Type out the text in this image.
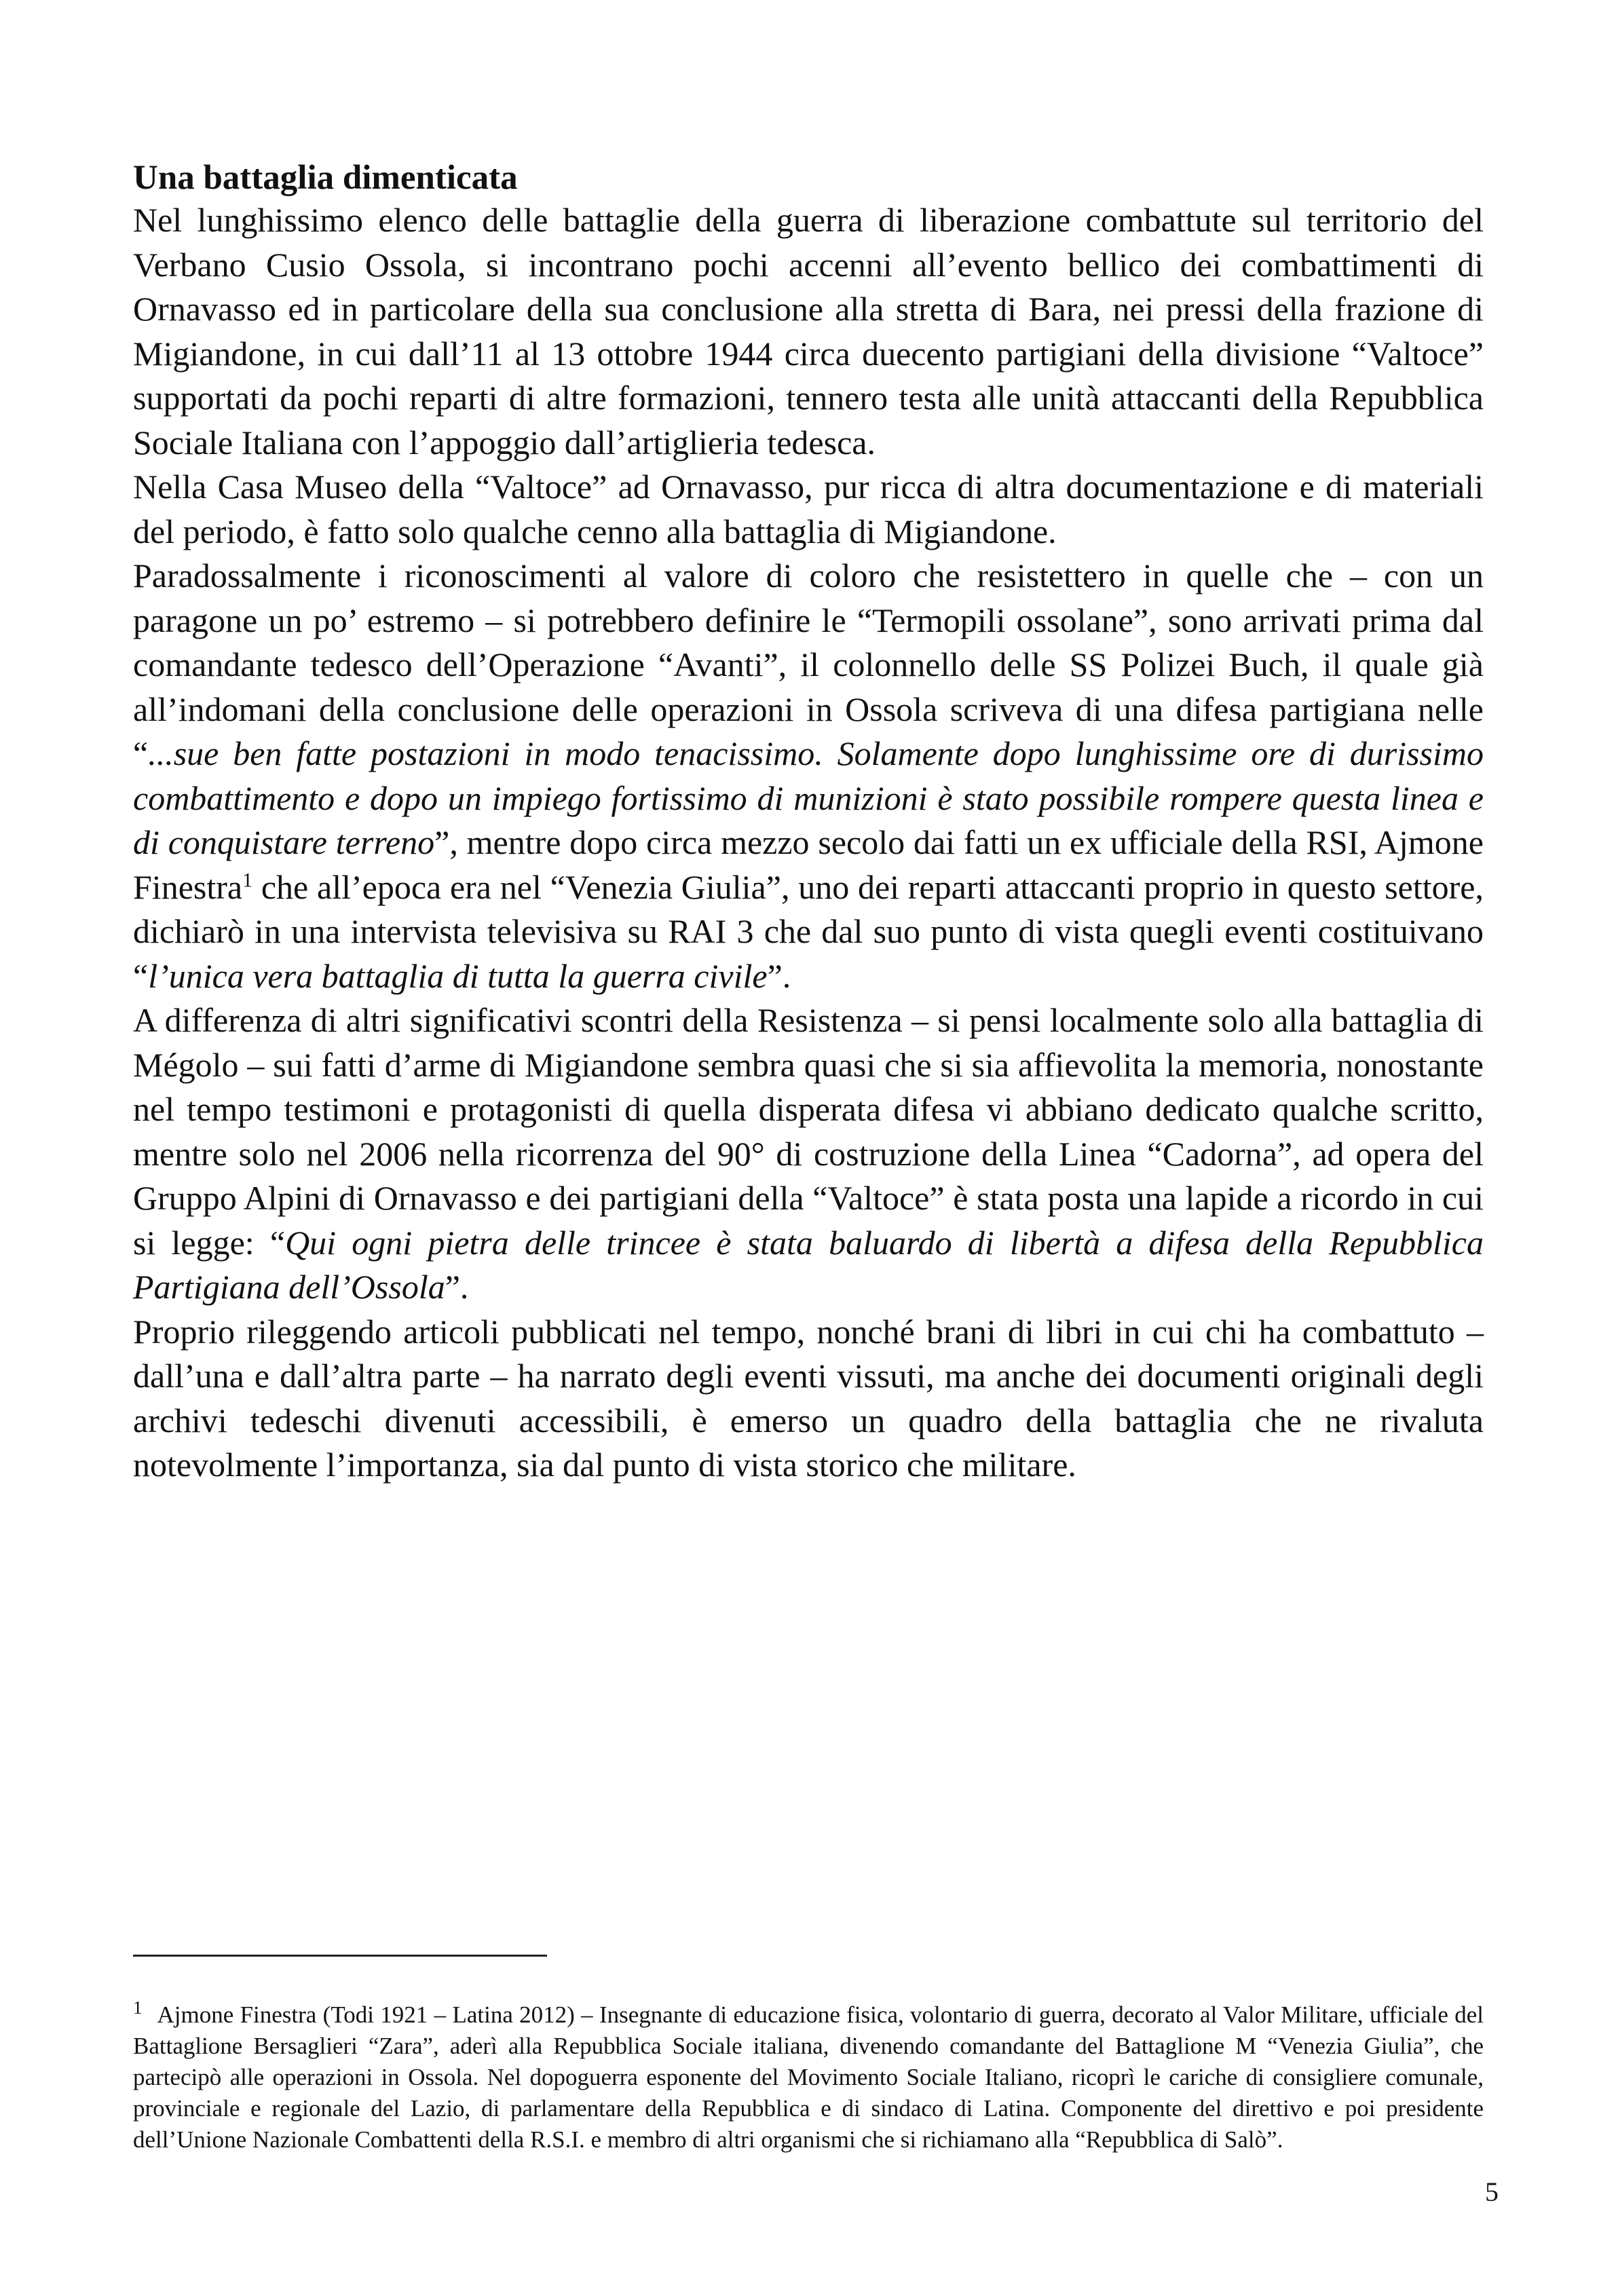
Una battaglia dimenticata

Nel lunghissimo elenco delle battaglie della guerra di liberazione combattute sul territorio del Verbano Cusio Ossola, si incontrano pochi accenni all’evento bellico dei combattimenti di Ornavasso ed in particolare della sua conclusione alla stretta di Bara, nei pressi della frazione di Migiandone, in cui dall’11 al 13 ottobre 1944 circa duecento partigiani della divisione “Valtoce” supportati da pochi reparti di altre formazioni, tennero testa alle unità attaccanti della Repubblica Sociale Italiana con l’appoggio dall’artiglieria tedesca.

Nella Casa Museo della “Valtoce” ad Ornavasso, pur ricca di altra documentazione e di materiali del periodo, è fatto solo qualche cenno alla battaglia di Migiandone.

Paradossalmente i riconoscimenti al valore di coloro che resistettero in quelle che – con un paragone un po’ estremo – si potrebbero definire le “Termopili ossolane”, sono arrivati prima dal comandante tedesco dell’Operazione “Avanti”, il colonnello delle SS Polizei Buch, il quale già all’indomani della conclusione delle operazioni in Ossola scriveva di una difesa partigiana nelle “...sue ben fatte postazioni in modo tenacissimo. Solamente dopo lunghissime ore di durissimo combattimento e dopo un impiego fortissimo di munizioni è stato possibile rompere questa linea e di conquistare terreno”, mentre dopo circa mezzo secolo dai fatti un ex ufficiale della RSI, Ajmone Finestra$^1$ che all’epoca era nel “Venezia Giulia”, uno dei reparti attaccanti proprio in questo settore, dichiarò in una intervista televisiva su RAI 3 che dal suo punto di vista quegli eventi costituivano “l’unica vera battaglia di tutta la guerra civile”.

A differenza di altri significativi scontri della Resistenza – si pensi localmente solo alla battaglia di Mégolo – sui fatti d’arme di Migiandone sembra quasi che si sia affievolita la memoria, nonostante nel tempo testimoni e protagonisti di quella disperata difesa vi abbiano dedicato qualche scritto, mentre solo nel 2006 nella ricorrenza del 90° di costruzione della Linea “Cadorna”, ad opera del Gruppo Alpini di Ornavasso e dei partigiani della “Valtoce” è stata posta una lapide a ricordo in cui si legge: “Qui ogni pietra delle trincee è stata baluardo di libertà a difesa della Repubblica Partigiana dell’Ossola”.

Proprio rileggendo articoli pubblicati nel tempo, nonché brani di libri in cui chi ha combattuto – dall’una e dall’altra parte – ha narrato degli eventi vissuti, ma anche dei documenti originali degli archivi tedeschi divenuti accessibili, è emerso un quadro della battaglia che ne rivaluta notevolmente l’importanza, sia dal punto di vista storico che militare.

$^1$ Ajmone Finestra (Todi 1921 – Latina 2012) – Insegnante di educazione fisica, volontario di guerra, decorato al Valor Militare, ufficiale del Battaglione Bersaglieri “Zara”, aderì alla Repubblica Sociale italiana, divenendo comandante del Battaglione M “Venezia Giulia”, che partecipò alle operazioni in Ossola. Nel dopoguerra esponente del Movimento Sociale Italiano, ricoprì le cariche di consigliere comunale, provinciale e regionale del Lazio, di parlamentare della Repubblica e di sindaco di Latina. Componente del direttivo e poi presidente dell’Unione Nazionale Combattenti della R.S.I. e membro di altri organismi che si richiamano alla “Repubblica di Salò”.
5
